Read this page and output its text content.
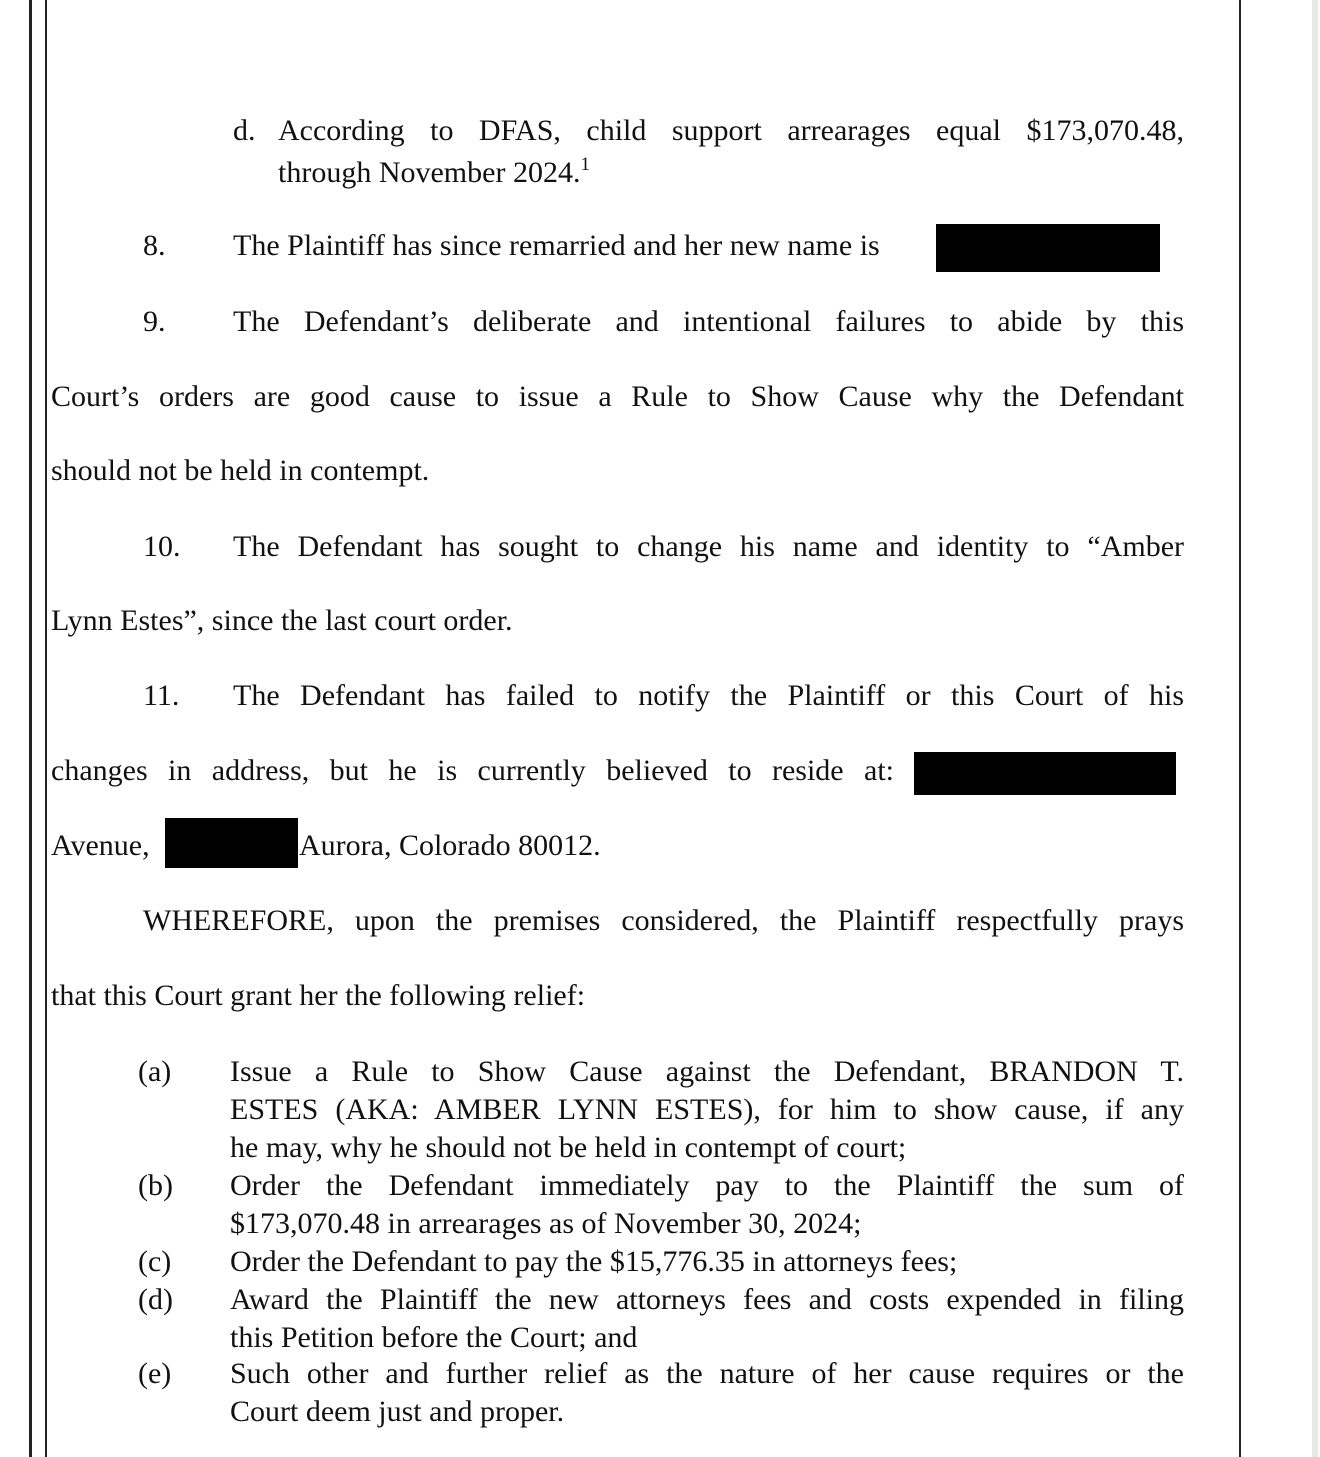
d. According to DFAS, child support arrearages equal $173,070.48,
through November 2024.$^1$
8. The Plaintiff has since remarried and her new name is
9. The Defendant’s deliberate and intentional failures to abide by this
Court’s orders are good cause to issue a Rule to Show Cause why the Defendant
should not be held in contempt.
10. The Defendant has sought to change his name and identity to “Amber
Lynn Estes”, since the last court order.
11. The Defendant has failed to notify the Plaintiff or this Court of his
changes in address, but he is currently believed to reside at:
Avenue,	Aurora, Colorado 80012.
WHEREFORE, upon the premises considered, the Plaintiff respectfully prays
that this Court grant her the following relief:
(a) Issue a Rule to Show Cause against the Defendant, BRANDON T.
ESTES (AKA: AMBER LYNN ESTES), for him to show cause, if any
he may, why he should not be held in contempt of court;
(b) Order the Defendant immediately pay to the Plaintiff the sum of
$173,070.48 in arrearages as of November 30, 2024;
(c) Order the Defendant to pay the $15,776.35 in attorneys fees;
(d) Award the Plaintiff the new attorneys fees and costs expended in filing
this Petition before the Court; and
(e) Such other and further relief as the nature of her cause requires or the
Court deem just and proper.
